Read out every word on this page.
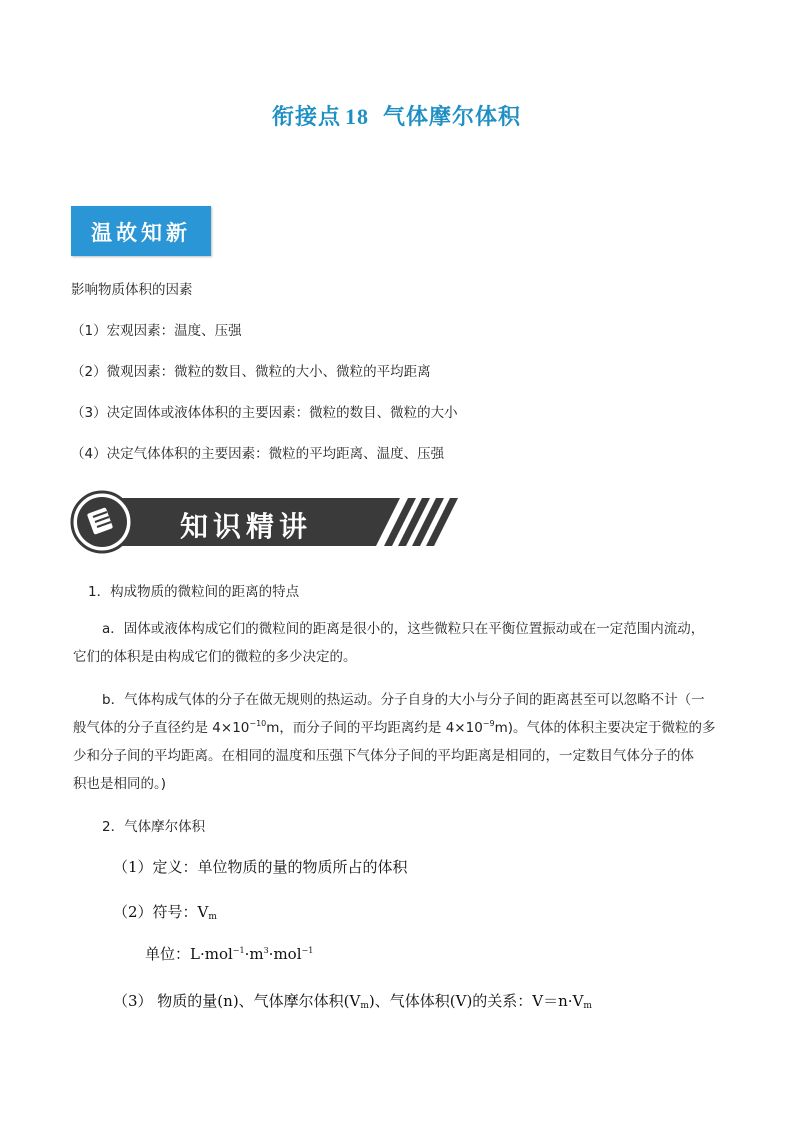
衔接点 18 气体摩尔体积
温故知新
影响物质体积的因素
（1）宏观因素：温度、压强
（2）微观因素：微粒的数目、微粒的大小、微粒的平均距离
（3）决定固体或液体体积的主要因素：微粒的数目、微粒的大小
（4）决定气体体积的主要因素：微粒的平均距离、温度、压强
知识精讲
1．构成物质的微粒间的距离的特点
a．固体或液体构成它们的微粒间的距离是很小的，这些微粒只在平衡位置振动或在一定范围内流动，
它们的体积是由构成它们的微粒的多少决定的。
b．气体构成气体的分子在做无规则的热运动。分子自身的大小与分子间的距离甚至可以忽略不计（一
般气体的分子直径约是 $4\times 10^{-10}m$，而分子间的平均距离约是 $4\times 10^{-9}m$)。气体的体积主要决定于微粒的多
少和分子间的平均距离。在相同的温度和压强下气体分子间的平均距离是相同的，一定数目气体分子的体
积也是相同的。)
2．气体摩尔体积
（1）定义：单位物质的量的物质所占的体积
（2）符号：$V_m$
单位：$L\cdot mol^{-1}\cdot m^3\cdot mol^{-1}$
（3） 物质的量(n)、气体摩尔体积$(V_m)$、气体体积(V)的关系：$V=n\cdot V_m$
